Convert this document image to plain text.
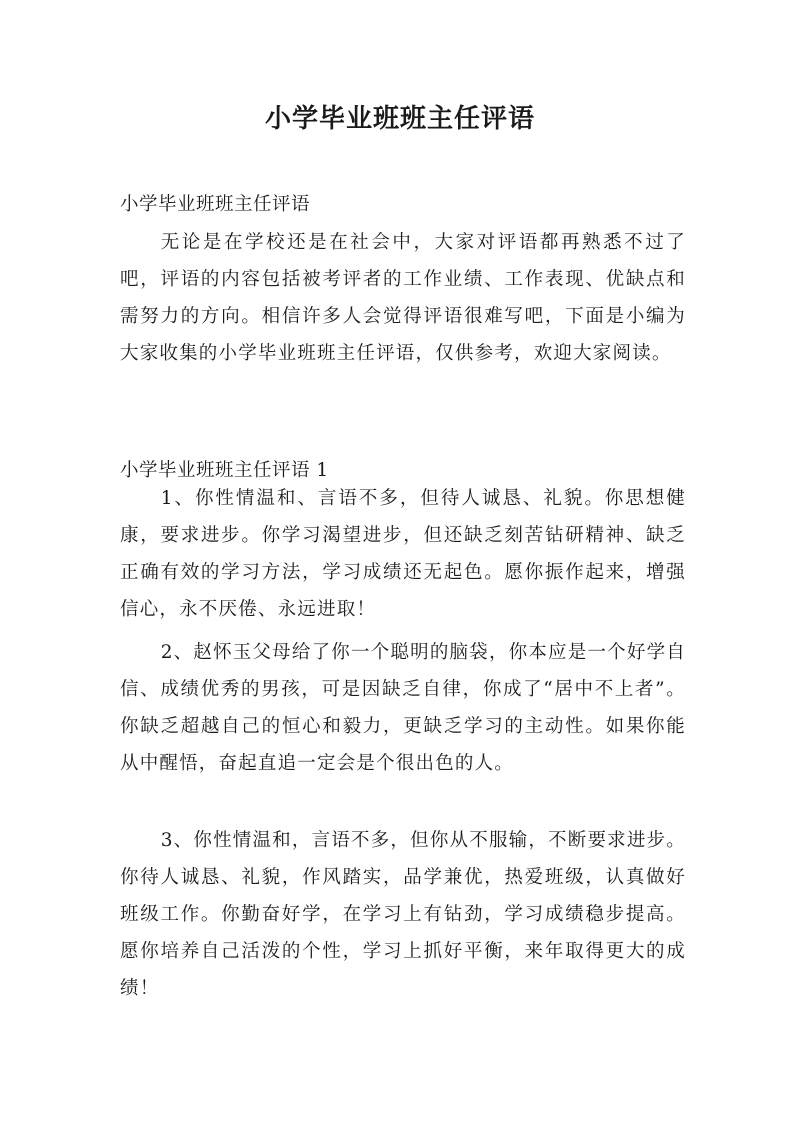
小学毕业班班主任评语

小学毕业班班主任评语

无论是在学校还是在社会中，大家对评语都再熟悉不过了吧，评语的内容包括被考评者的工作业绩、工作表现、优缺点和需努力的方向。相信许多人会觉得评语很难写吧，下面是小编为大家收集的小学毕业班班主任评语，仅供参考，欢迎大家阅读。

小学毕业班班主任评语 1

1、你性情温和、言语不多，但待人诚恳、礼貌。你思想健康，要求进步。你学习渴望进步，但还缺乏刻苦钻研精神、缺乏正确有效的学习方法，学习成绩还无起色。愿你振作起来，增强信心，永不厌倦、永远进取！

2、赵怀玉父母给了你一个聪明的脑袋，你本应是一个好学自信、成绩优秀的男孩，可是因缺乏自律，你成了“居中不上者”。你缺乏超越自己的恒心和毅力，更缺乏学习的主动性。如果你能从中醒悟，奋起直追一定会是个很出色的人。

3、你性情温和，言语不多，但你从不服输，不断要求进步。你待人诚恳、礼貌，作风踏实，品学兼优，热爱班级，认真做好班级工作。你勤奋好学，在学习上有钻劲，学习成绩稳步提高。愿你培养自己活泼的个性，学习上抓好平衡，来年取得更大的成绩！
